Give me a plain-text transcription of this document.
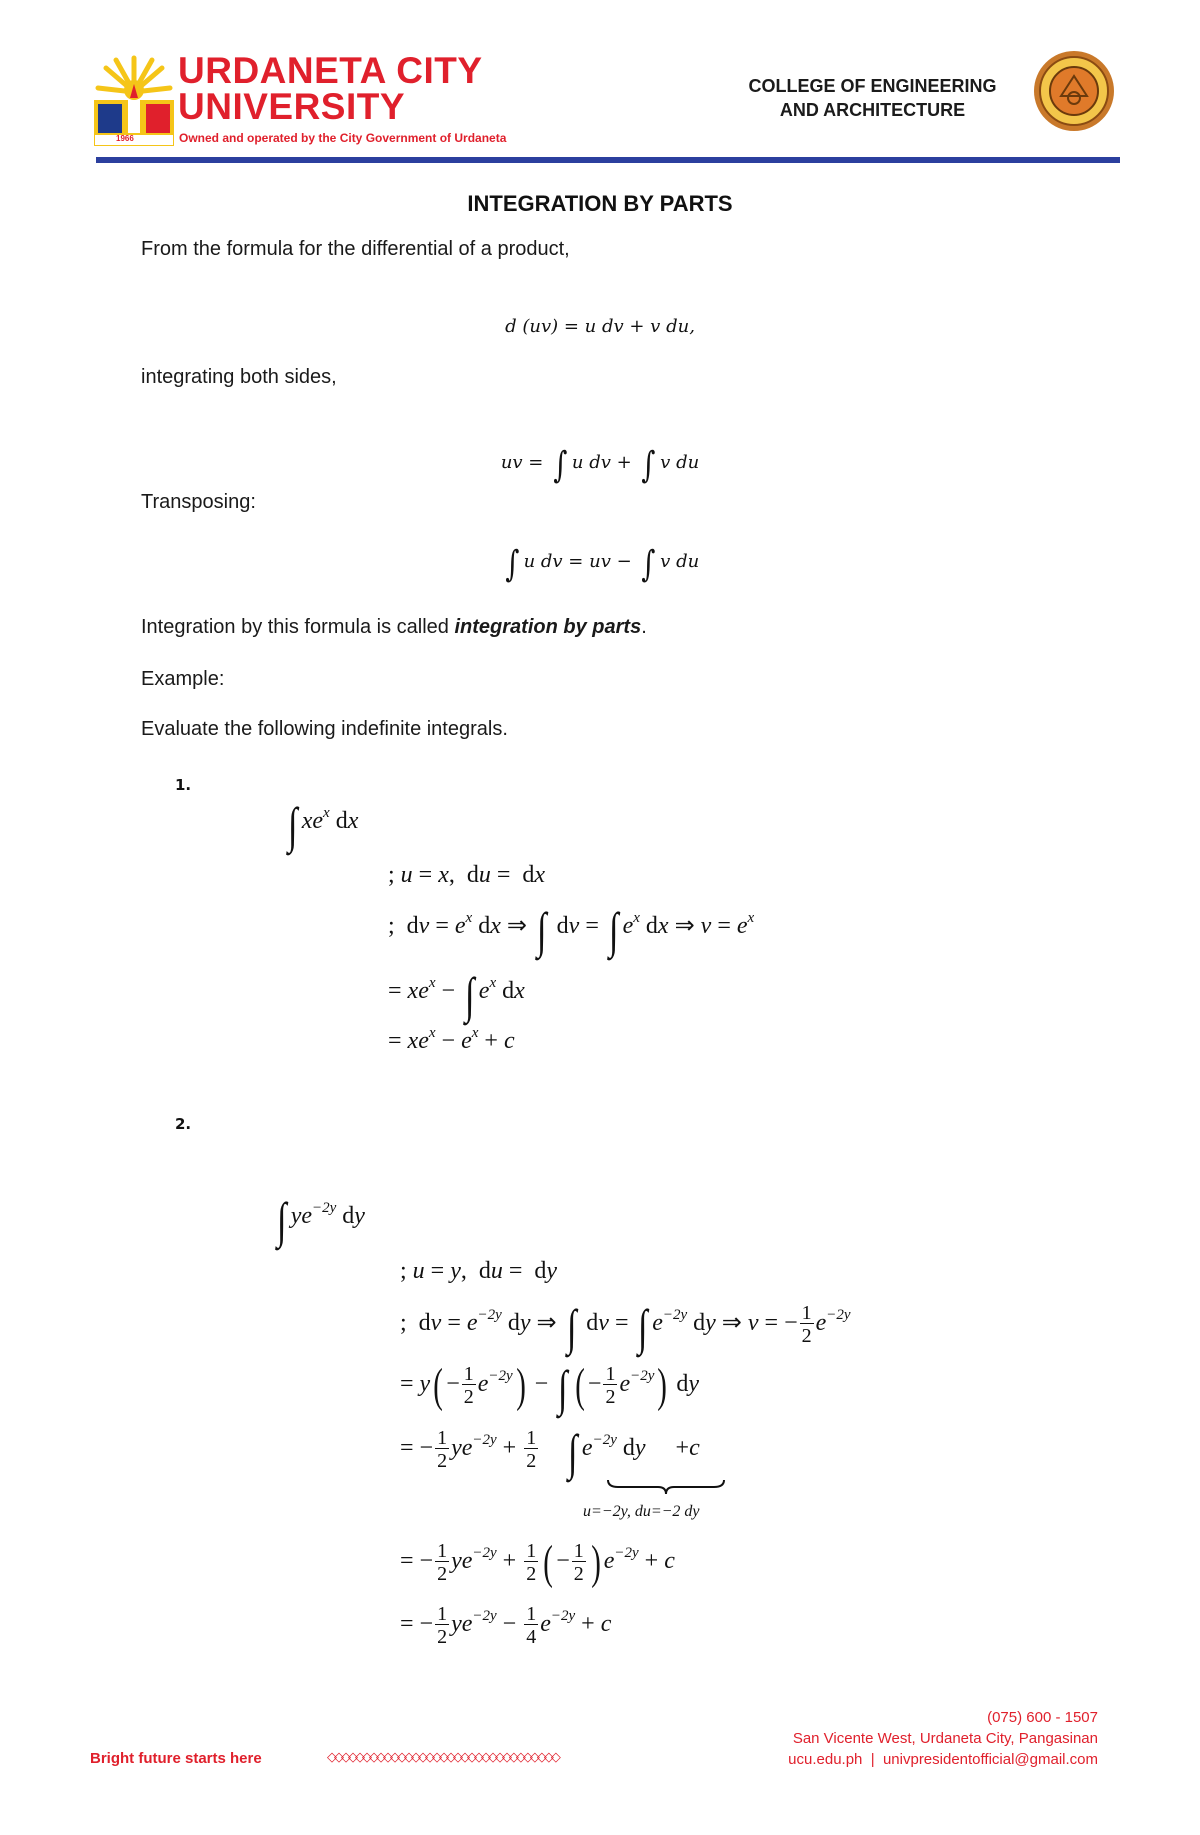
1966
URDANETA CITY
UNIVERSITY
Owned and operated by the City Government of Urdaneta
COLLEGE OF ENGINEERING
AND ARCHITECTURE
INTEGRATION BY PARTS
From the formula for the differential of a product,
d (uv) = u dv + v du,
integrating both sides,
uv = ∫ u dv + ∫ v du
Transposing:
∫ u dv = uv − ∫ v du
Integration by this formula is called integration by parts.
Example:
Evaluate the following indefinite integrals.
1.
∫ $xe^x$ dx
; u = x,  du =  dx
;  dv = $e^x$ dx ⇒ ∫ dv = ∫ $e^x$ dx ⇒ $v = e^x$
= $xe^x$ − ∫ $e^x$ dx
= $xe^x - e^x + c$
2.
∫ $ye^{-2y}$ dy
; u = y,  du =  dy
;  dv = $e^{-2y}$ dy ⇒ ∫ dv = ∫ $e^{-2y}$ dy ⇒ v = − $\frac{1}{2} e^{-2y}$
= $y( - \frac{1}{2} e^{-2y})$ − ∫ ( − $\frac{1}{2} e^{-2y}$) dy
= − $\frac{1}{2} ye^{-2y} + \frac{1}{2}$ ∫ $e^{-2y}$ dy     +c
u=−2y, du=−2 dy
= − $\frac{1}{2} ye^{-2y} + \frac{1}{2}$ ( − $\frac{1}{2}$ ) $e^{-2y} + c$
= − $\frac{1}{2} ye^{-2y} - \frac{1}{4} e^{-2y} + c$
Bright future starts here	◇◇◇◇◇◇◇◇◇◇◇◇◇◇◇◇◇◇◇◇◇◇◇◇◇◇◇◇◇◇◇◇◇
(075) 600 - 1507
San Vicente West, Urdaneta City, Pangasinan
ucu.edu.ph  |  univpresidentofficial@gmail.com
